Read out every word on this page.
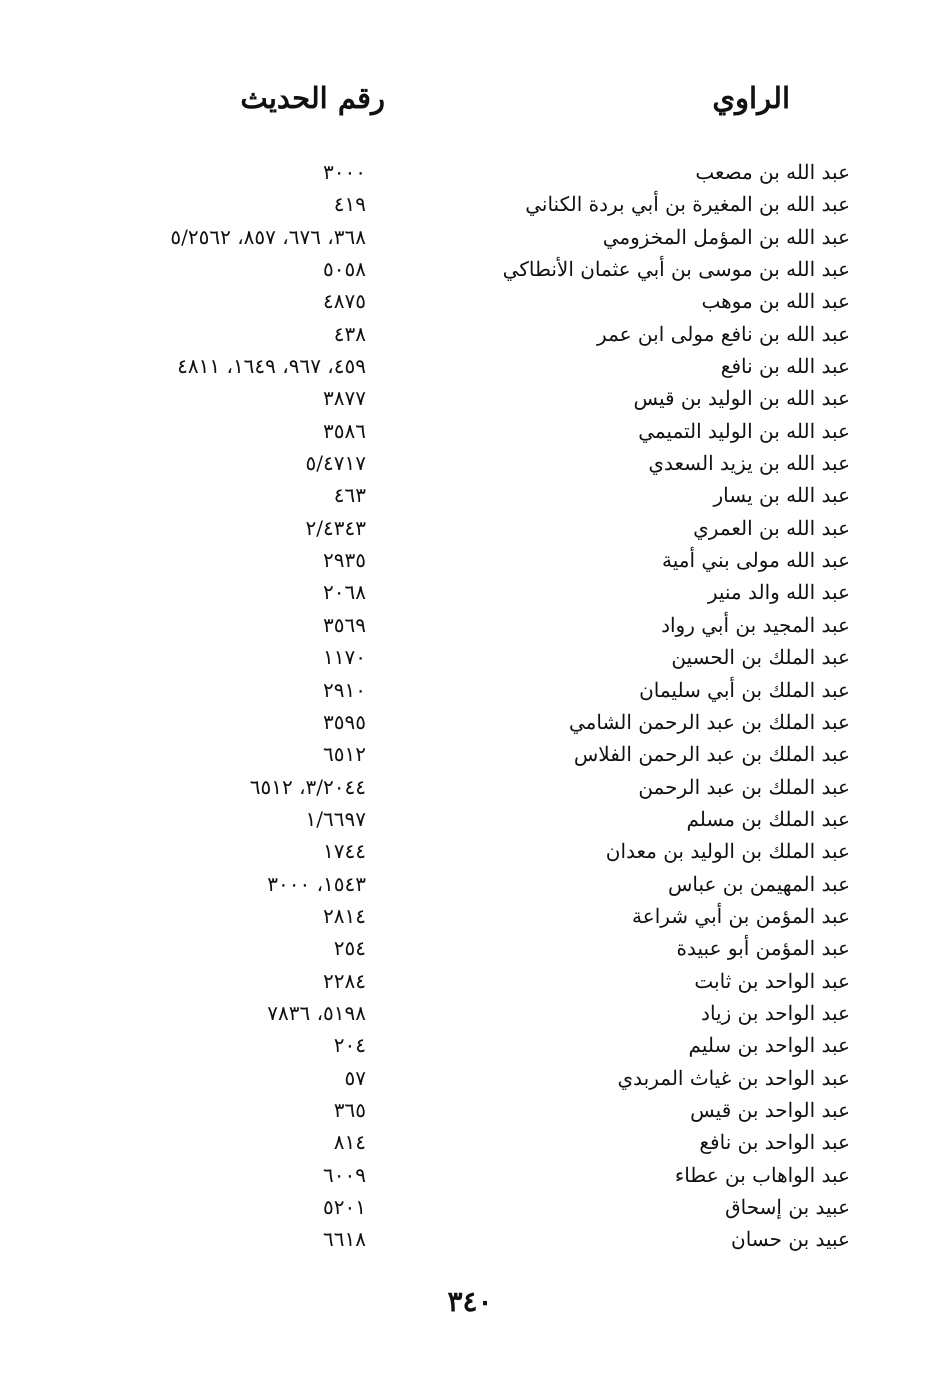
الراوي
رقم الحديث
عبد الله بن مصعب
٣٠٠٠
عبد الله بن المغيرة بن أبي بردة الكناني
٤١٩
عبد الله بن المؤمل المخزومي
٣٦٨، ٦٧٦، ٨٥٧، ٥/٢٥٦٢
عبد الله بن موسى بن أبي عثمان الأنطاكي
٥٠٥٨
عبد الله بن موهب
٤٨٧٥
عبد الله بن نافع مولى ابن عمر
٤٣٨
عبد الله بن نافع
٤٥٩، ٩٦٧، ١٦٤٩، ٤٨١١
عبد الله بن الوليد بن قيس
٣٨٧٧
عبد الله بن الوليد التميمي
٣٥٨٦
عبد الله بن يزيد السعدي
٥/٤٧١٧
عبد الله بن يسار
٤٦٣
عبد الله بن العمري
٢/٤٣٤٣
عبد الله مولى بني أمية
٢٩٣٥
عبد الله والد منير
٢٠٦٨
عبد المجيد بن أبي رواد
٣٥٦٩
عبد الملك بن الحسين
١١٧٠
عبد الملك بن أبي سليمان
٢٩١٠
عبد الملك بن عبد الرحمن الشامي
٣٥٩٥
عبد الملك بن عبد الرحمن الفلاس
٦٥١٢
عبد الملك بن عبد الرحمن
٣/٢٠٤٤، ٦٥١٢
عبد الملك بن مسلم
١/٦٦٩٧
عبد الملك بن الوليد بن معدان
١٧٤٤
عبد المهيمن بن عباس
١٥٤٣، ٣٠٠٠
عبد المؤمن بن أبي شراعة
٢٨١٤
عبد المؤمن أبو عبيدة
٢٥٤
عبد الواحد بن ثابت
٢٢٨٤
عبد الواحد بن زياد
٥١٩٨، ٧٨٣٦
عبد الواحد بن سليم
٢٠٤
عبد الواحد بن غياث المربدي
٥٧
عبد الواحد بن قيس
٣٦٥
عبد الواحد بن نافع
٨١٤
عبد الواهاب بن عطاء
٦٠٠٩
عبيد بن إسحاق
٥٢٠١
عبيد بن حسان
٦٦١٨
٣٤٠
